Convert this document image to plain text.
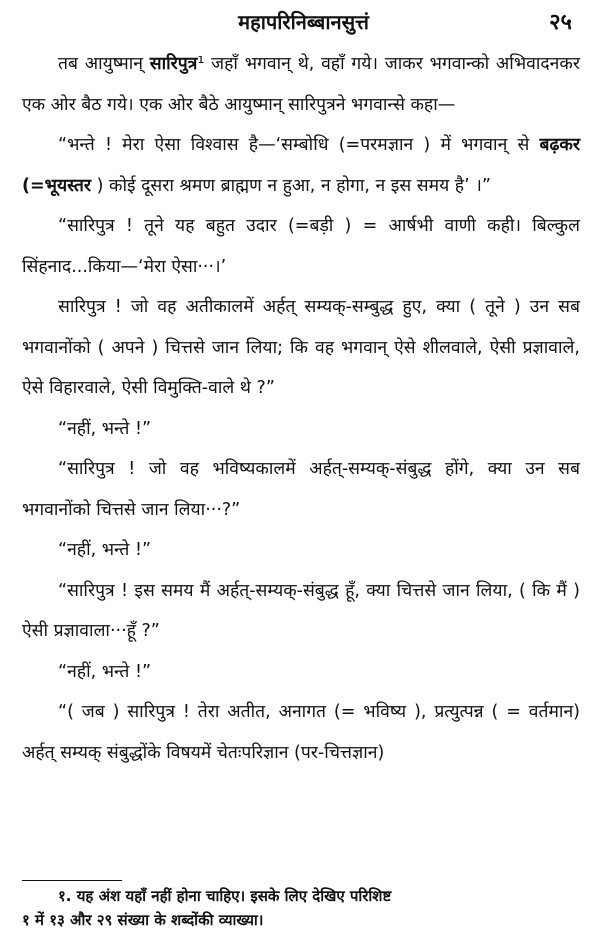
महापरिनिब्बानसुत्तं	२५

तब आयुष्मान् सारिपुत्र¹ जहाँ भगवान् थे, वहाँ गये। जाकर भगवान्को अभिवादनकर एक ओर बैठ गये। एक ओर बैठे आयुष्मान् सारिपुत्रने भगवान्से कहा—

“भन्ते ! मेरा ऐसा विश्वास है—‘सम्बोधि (=परमज्ञान ) में भगवान् से बढ़कर (=भूयस्तर ) कोई दूसरा श्रमण ब्राह्मण न हुआ, न होगा, न इस समय है’ ।”

“सारिपुत्र ! तूने यह बहुत उदार (=बड़ी ) = आर्षभी वाणी कही। बिल्कुल सिंहनाद...किया—‘मेरा ऐसा···।’

सारिपुत्र ! जो वह अतीकालमें अर्हत् सम्यक्-सम्बुद्ध हुए, क्या ( तूने ) उन सब भगवानोंको ( अपने ) चित्तसे जान लिया; कि वह भगवान् ऐसे शीलवाले, ऐसी प्रज्ञावाले, ऐसे विहारवाले, ऐसी विमुक्ति-वाले थे ?”

“नहीं, भन्ते !”

“सारिपुत्र ! जो वह भविष्यकालमें अर्हत्-सम्यक्-संबुद्ध होंगे, क्या उन सब भगवानोंको चित्तसे जान लिया···?”

“नहीं, भन्ते !”

“सारिपुत्र ! इस समय मैं अर्हत्-सम्यक्-संबुद्ध हूँ, क्या चित्तसे जान लिया, ( कि मैं ) ऐसी प्रज्ञावाला···हूँ ?”

“नहीं, भन्ते !”

“( जब ) सारिपुत्र ! तेरा अतीत, अनागत (= भविष्य ), प्रत्युत्पन्न ( = वर्तमान) अर्हत् सम्यक् संबुद्धोंके विषयमें चेतःपरिज्ञान (पर-चित्तज्ञान)

१. यह अंश यहाँ नहीं होना चाहिए। इसके लिए देखिए परिशिष्ट
१ में १३ और २९ संख्या के शब्दोंकी व्याख्या।
